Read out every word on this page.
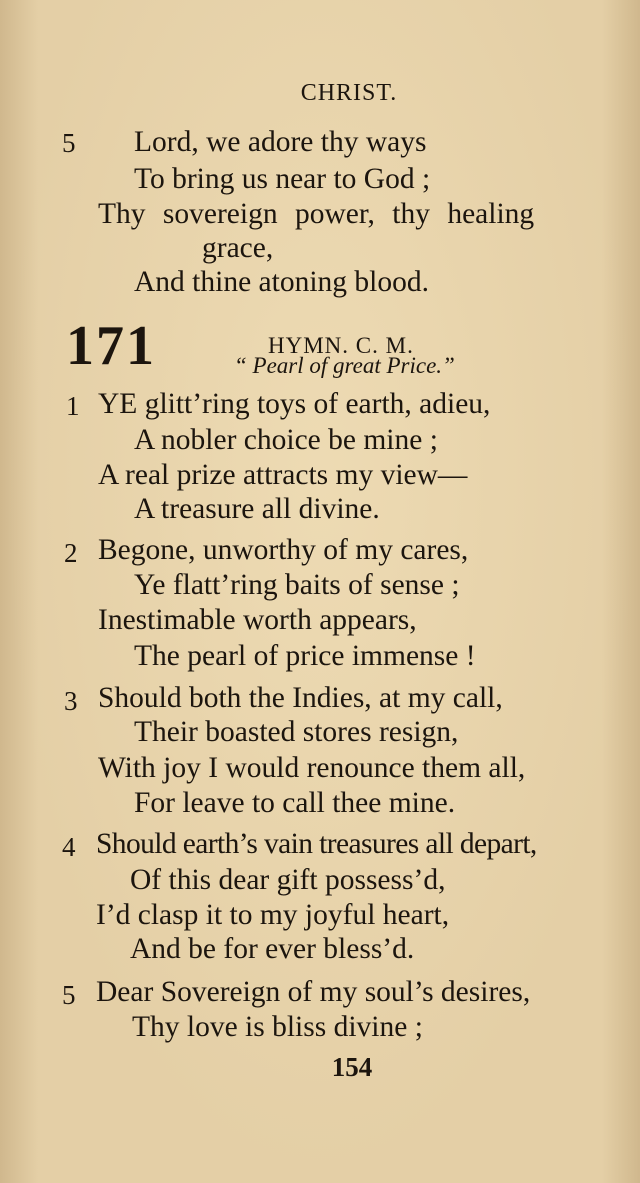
CHRIST.
5 Lord, we adore thy ways
To bring us near to God ;
Thy sovereign power, thy healing
grace,
And thine atoning blood.
171	HYMN. C. M.
“ Pearl of great Price.”
1 YE glitt’ring toys of earth, adieu,
A nobler choice be mine ;
A real prize attracts my view—
A treasure all divine.
2 Begone, unworthy of my cares,
Ye flatt’ring baits of sense ;
Inestimable worth appears,
The pearl of price immense !
3 Should both the Indies, at my call,
Their boasted stores resign,
With joy I would renounce them all,
For leave to call thee mine.
4 Should earth’s vain treasures all depart,
Of this dear gift possess’d,
I’d clasp it to my joyful heart,
And be for ever bless’d.
5 Dear Sovereign of my soul’s desires,
Thy love is bliss divine ;
154
